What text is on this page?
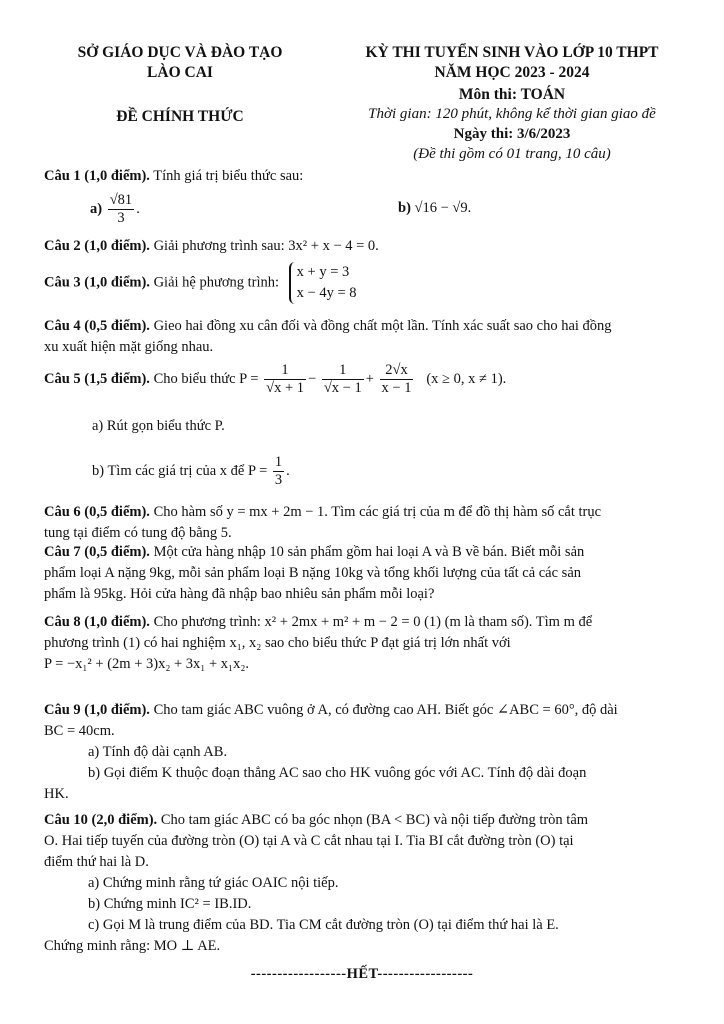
SỞ GIÁO DỤC VÀ ĐÀO TẠO
LÀO CAI
ĐỀ CHÍNH THỨC
KỲ THI TUYỂN SINH VÀO LỚP 10 THPT
NĂM HỌC 2023 - 2024
Môn thi: TOÁN
Thời gian: 120 phút, không kể thời gian giao đề
Ngày thi: 3/6/2023
(Đề thi gồm có 01 trang, 10 câu)
Câu 1 (1,0 điểm). Tính giá trị biểu thức sau:
$a) \frac{√81}{3}$ .	b) √16 − √9.
Câu 2 (1,0 điểm). Giải phương trình sau: 3x² + x − 4 = 0.
Câu 3 (1,0 điểm). Giải hệ phương trình: x + y = 3
x − 4y = 8
Câu 4 (0,5 điểm). Gieo hai đồng xu cân đối và đồng chất một lần. Tính xác suất sao cho hai đồng
xu xuất hiện mặt giống nhau.
Câu 5 (1,5 điểm). Cho biểu thức $P = \frac{1}{√x + 1} - \frac{1}{√x - 1} + \frac{2√x}{x - 1} (x \ge 0$, x ≠ 1).
a) Rút gọn biểu thức P.
b) Tìm các giá trị của x để $P = \frac{1}{3}$ .
Câu 6 (0,5 điểm). Cho hàm số y = mx + 2m − 1. Tìm các giá trị của m để đồ thị hàm số cắt trục
tung tại điểm có tung độ bằng 5.
Câu 7 (0,5 điểm). Một cửa hàng nhập 10 sản phẩm gồm hai loại A và B về bán. Biết mỗi sản
phẩm loại A nặng 9kg, mỗi sản phẩm loại B nặng 10kg và tổng khối lượng của tất cả các sản
phẩm là 95kg. Hỏi cửa hàng đã nhập bao nhiêu sản phẩm mỗi loại?
Câu 8 (1,0 điểm). Cho phương trình: x² + 2mx + m² + m − 2 = 0 (1) (m là tham số). Tìm m để
phương trình (1) có hai nghiệm x₁, x₂ sao cho biểu thức P đạt giá trị lớn nhất với
P = −x₁² + (2m + 3)x₂ + 3x₁ + x₁x₂.
Câu 9 (1,0 điểm). Cho tam giác ABC vuông ở A, có đường cao AH. Biết góc ∠ABC = 60°, độ dài
BC = 40cm.
a) Tính độ dài cạnh AB.
b) Gọi điểm K thuộc đoạn thẳng AC sao cho HK vuông góc với AC. Tính độ dài đoạn
HK.
Câu 10 (2,0 điểm). Cho tam giác ABC có ba góc nhọn (BA < BC) và nội tiếp đường tròn tâm
O. Hai tiếp tuyến của đường tròn (O) tại A và C cắt nhau tại I. Tia BI cắt đường tròn (O) tại
điểm thứ hai là D.
a) Chứng minh rằng tứ giác OAIC nội tiếp.
b) Chứng minh IC² = IB.ID.
c) Gọi M là trung điểm của BD. Tia CM cắt đường tròn (O) tại điểm thứ hai là E.
Chứng minh rằng: MO ⊥ AE.
------------------HẾT------------------
